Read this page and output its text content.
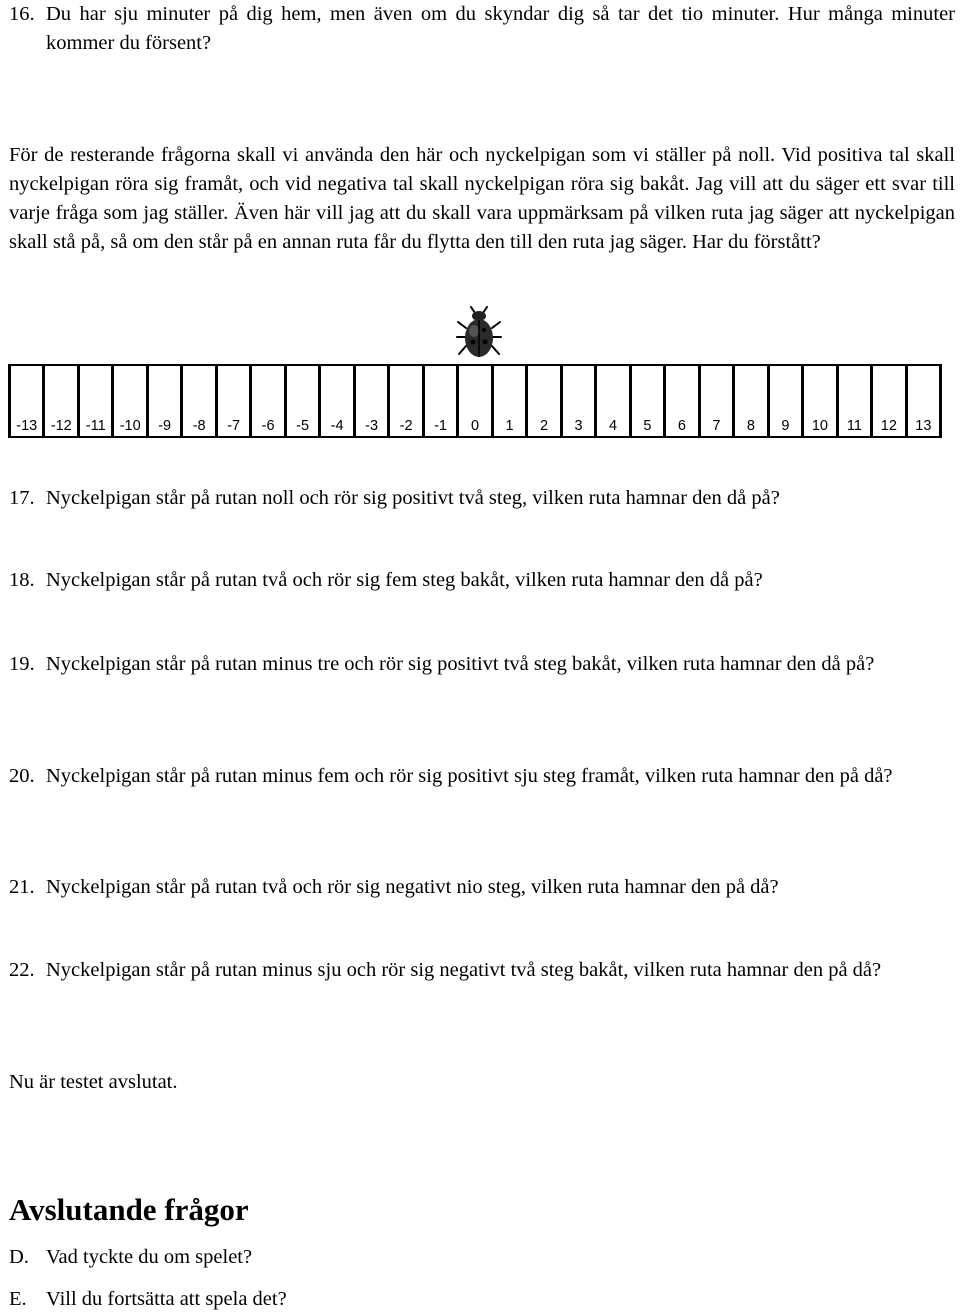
16. Du har sju minuter på dig hem, men även om du skyndar dig så tar det tio minuter. Hur många minuter kommer du försent?
För de resterande frågorna skall vi använda den här och nyckelpigan som vi ställer på noll. Vid positiva tal skall nyckelpigan röra sig framåt, och vid negativa tal skall nyckelpigan röra sig bakåt. Jag vill att du säger ett svar till varje fråga som jag ställer. Även här vill jag att du skall vara uppmärksam på vilken ruta jag säger att nyckelpigan skall stå på, så om den står på en annan ruta får du flytta den till den ruta jag säger. Har du förstått?
-13 -12 -11 -10	-9	-8	-7	-6	-5	-4	-3	-2	-1	0	1	2	3	4	5	6	7	8	9	10	11	12	13
17. Nyckelpigan står på rutan noll och rör sig positivt två steg, vilken ruta hamnar den då på?
18. Nyckelpigan står på rutan två och rör sig fem steg bakåt, vilken ruta hamnar den då på?
19. Nyckelpigan står på rutan minus tre och rör sig positivt två steg bakåt, vilken ruta hamnar den då på?
20. Nyckelpigan står på rutan minus fem och rör sig positivt sju steg framåt, vilken ruta hamnar den på då?
21. Nyckelpigan står på rutan två och rör sig negativt nio steg, vilken ruta hamnar den på då?
22. Nyckelpigan står på rutan minus sju och rör sig negativt två steg bakåt, vilken ruta hamnar den på då?
Nu är testet avslutat.
Avslutande frågor
D. Vad tyckte du om spelet?
E. Vill du fortsätta att spela det?
